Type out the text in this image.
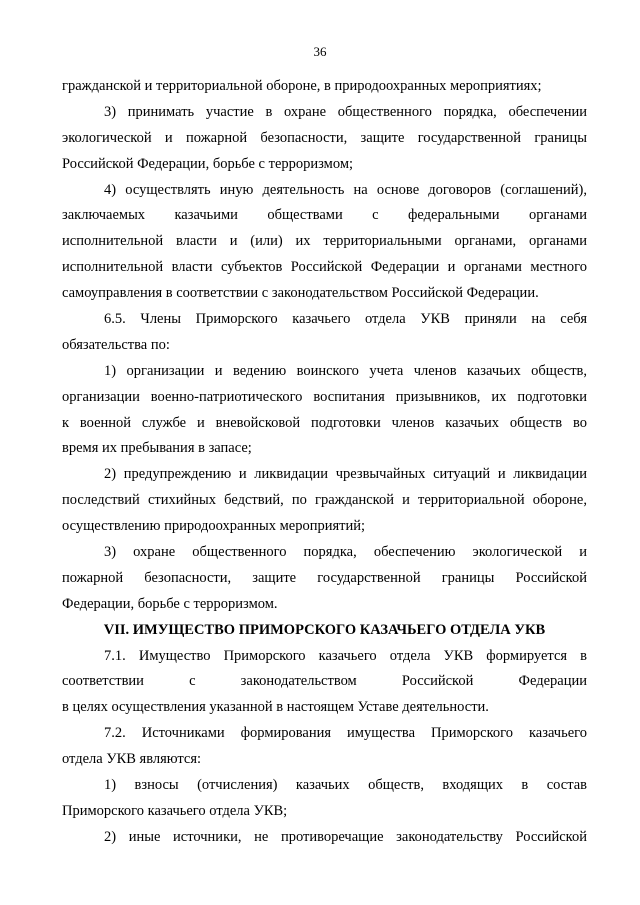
36
гражданской и территориальной обороне, в природоохранных мероприятиях;
3) принимать участие в охране общественного порядка, обеспечении
экологической и пожарной безопасности, защите государственной границы
Российской Федерации, борьбе с терроризмом;
4) осуществлять иную деятельность на основе договоров (соглашений),
заключаемых казачьими обществами с федеральными органами
исполнительной власти и (или) их территориальными органами, органами
исполнительной власти субъектов Российской Федерации и органами местного
самоуправления в соответствии с законодательством Российской Федерации.
6.5. Члены Приморского казачьего отдела УКВ приняли на себя
обязательства по:
1) организации и ведению воинского учета членов казачьих обществ,
организации военно-патриотического воспитания призывников, их подготовки
к военной службе и вневойсковой подготовки членов казачьих обществ во
время их пребывания в запасе;
2) предупреждению и ликвидации чрезвычайных ситуаций и ликвидации
последствий стихийных бедствий, по гражданской и территориальной обороне,
осуществлению природоохранных мероприятий;
3) охране общественного порядка, обеспечению экологической и
пожарной безопасности, защите государственной границы Российской
Федерации, борьбе с терроризмом.
VII. ИМУЩЕСТВО ПРИМОРСКОГО КАЗАЧЬЕГО ОТДЕЛА УКВ
7.1. Имущество Приморского казачьего отдела УКВ формируется в
соответствии с законодательством Российской Федерации
в целях осуществления указанной в настоящем Уставе деятельности.
7.2. Источниками формирования имущества Приморского казачьего
отдела УКВ являются:
1) взносы (отчисления) казачьих обществ, входящих в состав
Приморского казачьего отдела УКВ;
2) иные источники, не противоречащие законодательству Российской
